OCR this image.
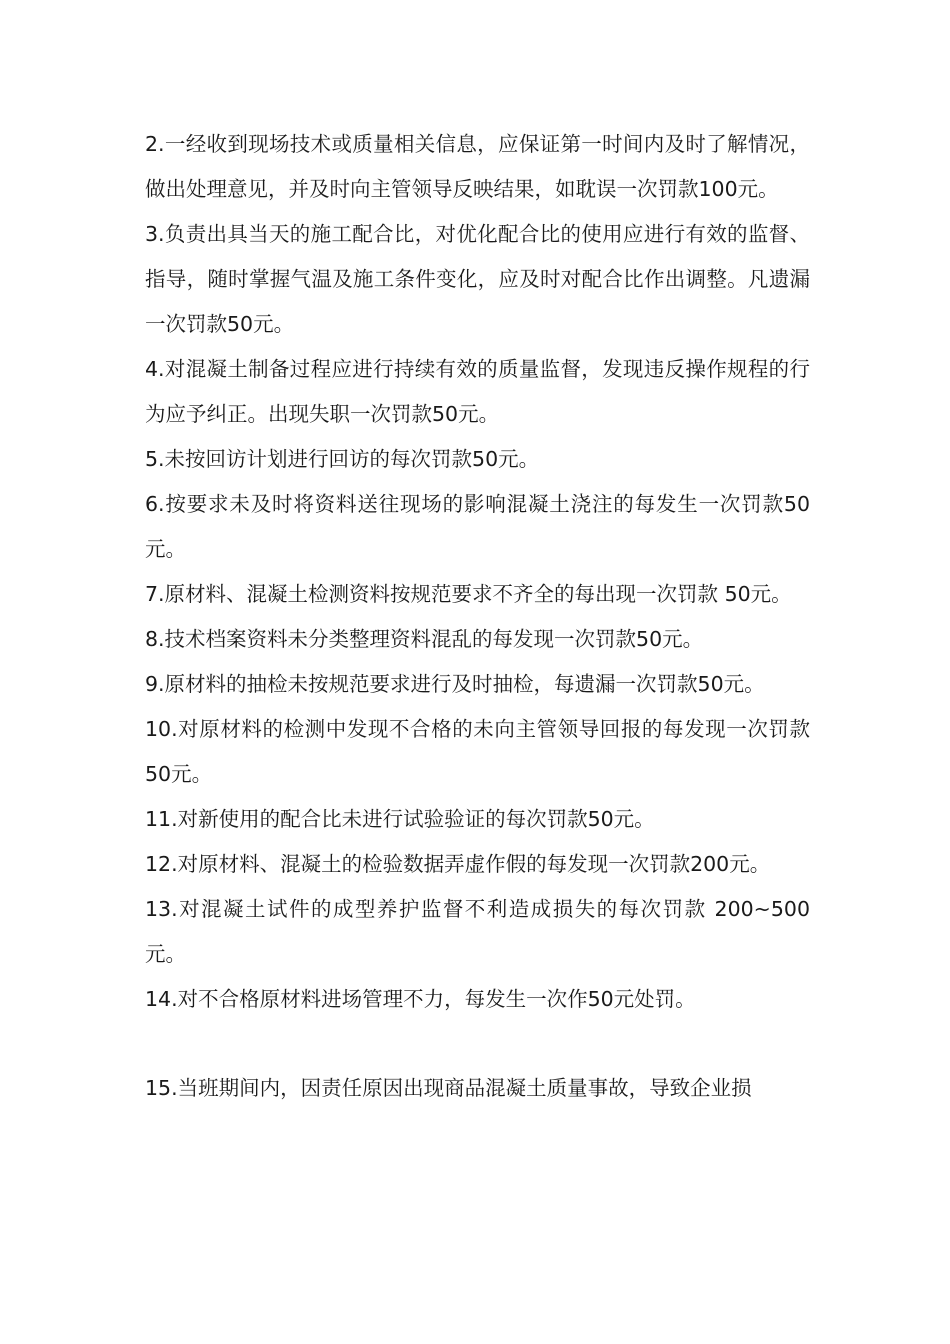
2.一经收到现场技术或质量相关信息，应保证第一时间内及时了解情况，做出处理意见，并及时向主管领导反映结果，如耽误一次罚款100元。

3.负责出具当天的施工配合比，对优化配合比的使用应进行有效的监督、指导，随时掌握气温及施工条件变化，应及时对配合比作出调整。凡遗漏一次罚款50元。

4.对混凝土制备过程应进行持续有效的质量监督，发现违反操作规程的行为应予纠正。出现失职一次罚款50元。

5.未按回访计划进行回访的每次罚款50元。

6.按要求未及时将资料送往现场的影响混凝土浇注的每发生一次罚款50元。

7.原材料、混凝土检测资料按规范要求不齐全的每出现一次罚款 50元。

8.技术档案资料未分类整理资料混乱的每发现一次罚款50元。

9.原材料的抽检未按规范要求进行及时抽检，每遗漏一次罚款50元。

10.对原材料的检测中发现不合格的未向主管领导回报的每发现一次罚款50元。

11.对新使用的配合比未进行试验验证的每次罚款50元。

12.对原材料、混凝土的检验数据弄虚作假的每发现一次罚款200元。

13.对混凝土试件的成型养护监督不利造成损失的每次罚款 200~500元。

14.对不合格原材料进场管理不力，每发生一次作50元处罚。

15.当班期间内，因责任原因出现商品混凝土质量事故，导致企业损
